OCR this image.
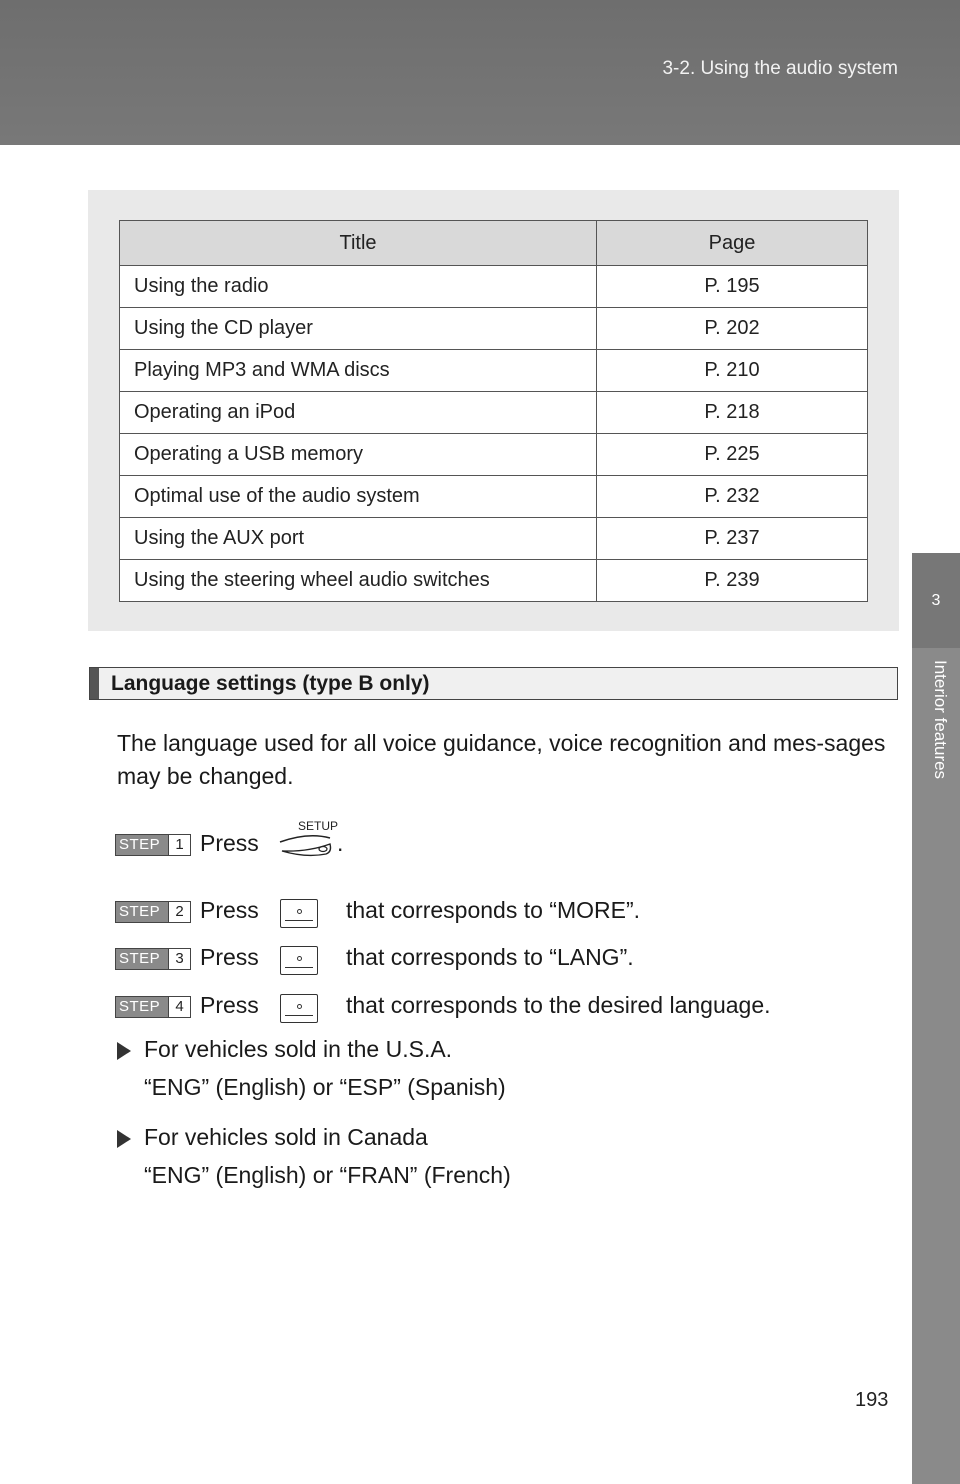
3-2. Using the audio system
3
Interior features
Title	Page
Using the radio	P. 195
Using the CD player	P. 202
Playing MP3 and WMA discs	P. 210
Operating an iPod	P. 218
Operating a USB memory	P. 225
Optimal use of the audio system	P. 232
Using the AUX port	P. 237
Using the steering wheel audio switches	P. 239
Language settings (type B only)
The language used for all voice guidance, voice recognition and mes-sages may be changed.
STEP	1 Press
SETUP
.
STEP	2 Press	that corresponds to “MORE”.
STEP	3 Press	that corresponds to “LANG”.
STEP	4 Press	that corresponds to the desired language.
For vehicles sold in the U.S.A.
“ENG” (English) or “ESP” (Spanish)
For vehicles sold in Canada
“ENG” (English) or “FRAN” (French)
193
